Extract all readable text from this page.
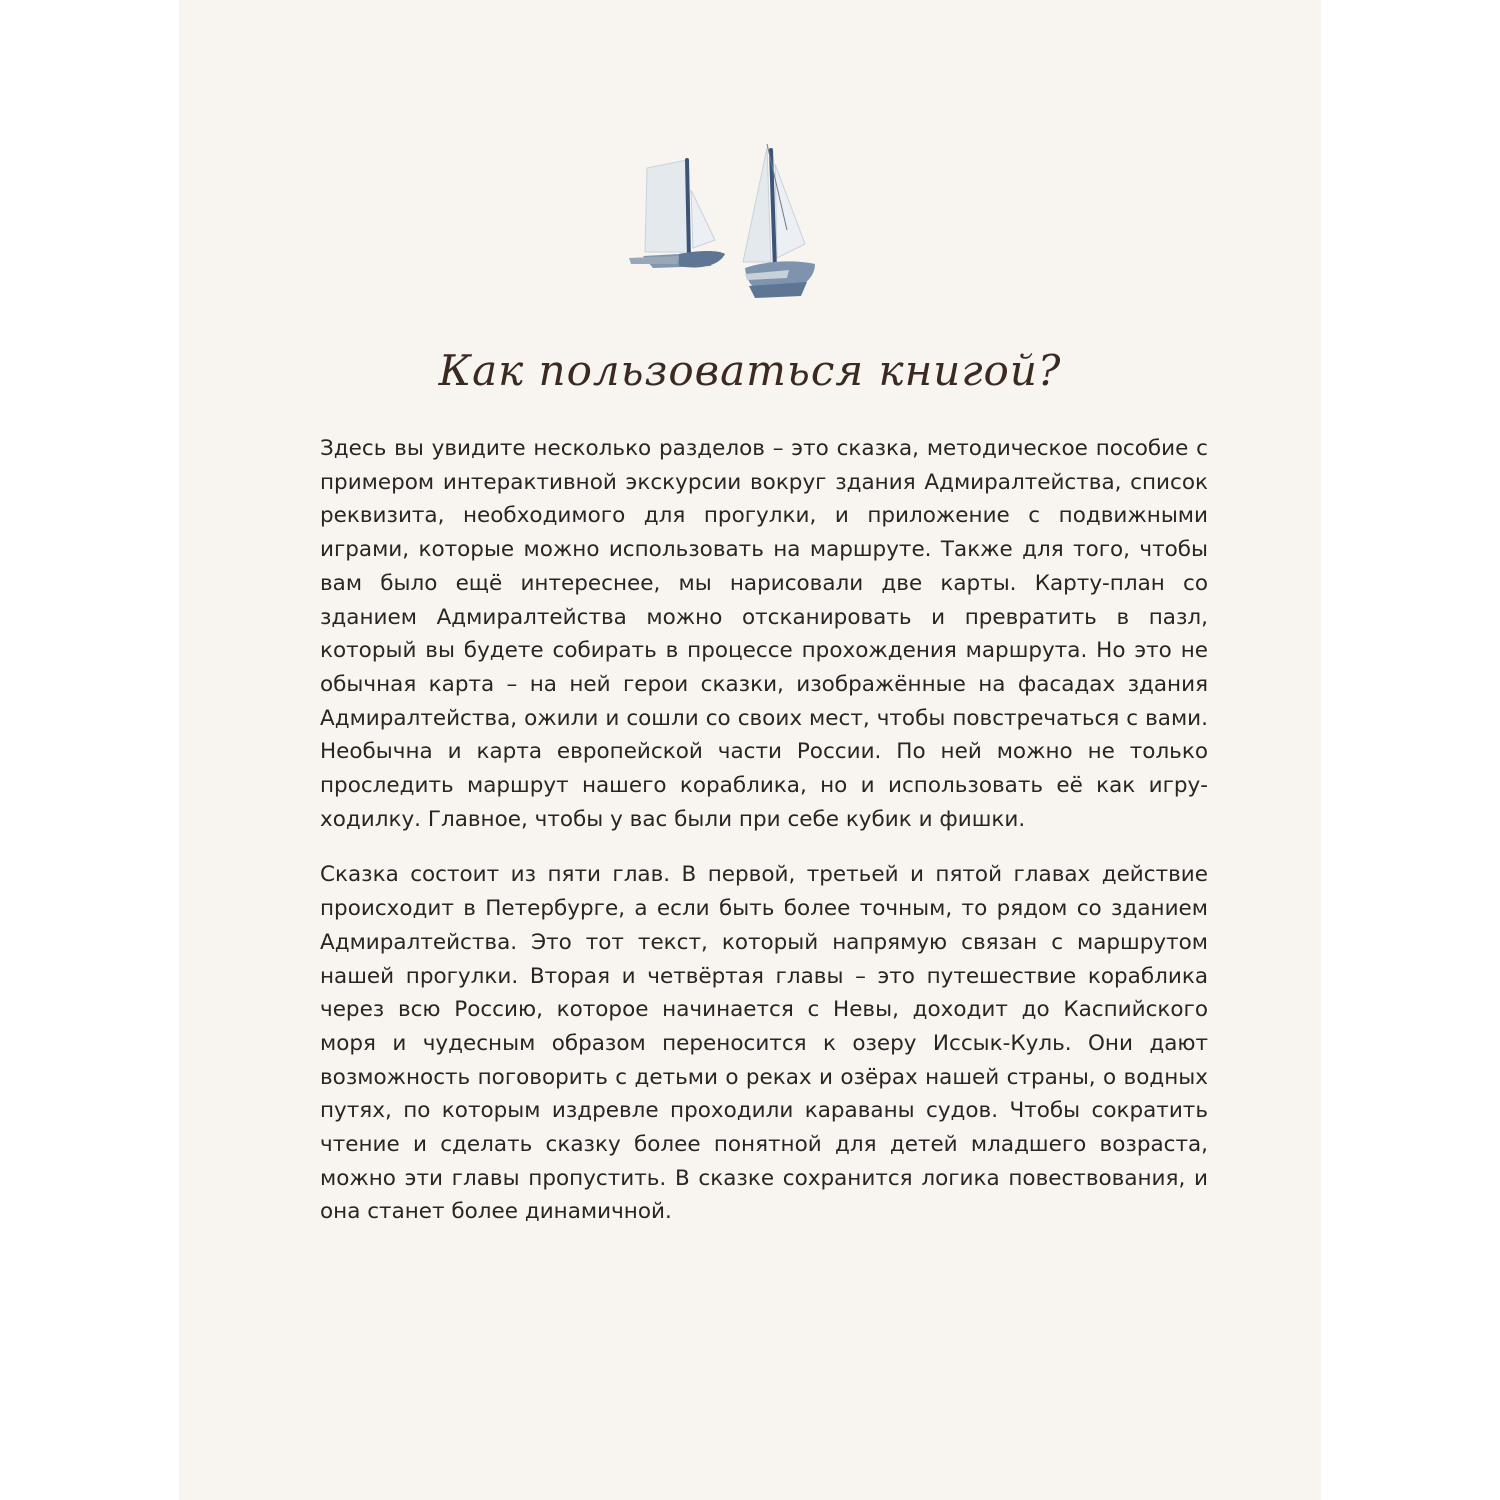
Как пользоваться книгой?

Здесь вы увидите несколько разделов – это сказка, методическое пособие с примером интерактивной экскурсии вокруг здания Адмиралтейства, список реквизита, необходимого для прогулки, и приложение с подвижными играми, которые можно использовать на маршруте. Также для того, чтобы вам было ещё интереснее, мы нарисовали две карты. Карту-план со зданием Адмиралтейства можно отсканировать и превратить в пазл, который вы будете собирать в процессе прохождения маршрута. Но это не обычная карта – на ней герои сказки, изображённые на фасадах здания Адмиралтейства, ожили и сошли со своих мест, чтобы повстречаться с вами. Необычна и карта европейской части России. По ней можно не только проследить маршрут нашего кораблика, но и использовать её как игру-ходилку. Главное, чтобы у вас были при себе кубик и фишки.

Сказка состоит из пяти глав. В первой, третьей и пятой главах действие происходит в Петербурге, а если быть более точным, то рядом со зданием Адмиралтейства. Это тот текст, который напрямую связан с маршрутом нашей прогулки. Вторая и четвёртая главы – это путешествие кораблика через всю Россию, которое начинается с Невы, доходит до Каспийского моря и чудесным образом переносится к озеру Иссык-Куль. Они дают возможность поговорить с детьми о реках и озёрах нашей страны, о водных путях, по которым издревле проходили караваны судов. Чтобы сократить чтение и сделать сказку более понятной для детей младшего возраста, можно эти главы пропустить. В сказке сохранится логика повествования, и она станет более динамичной.
